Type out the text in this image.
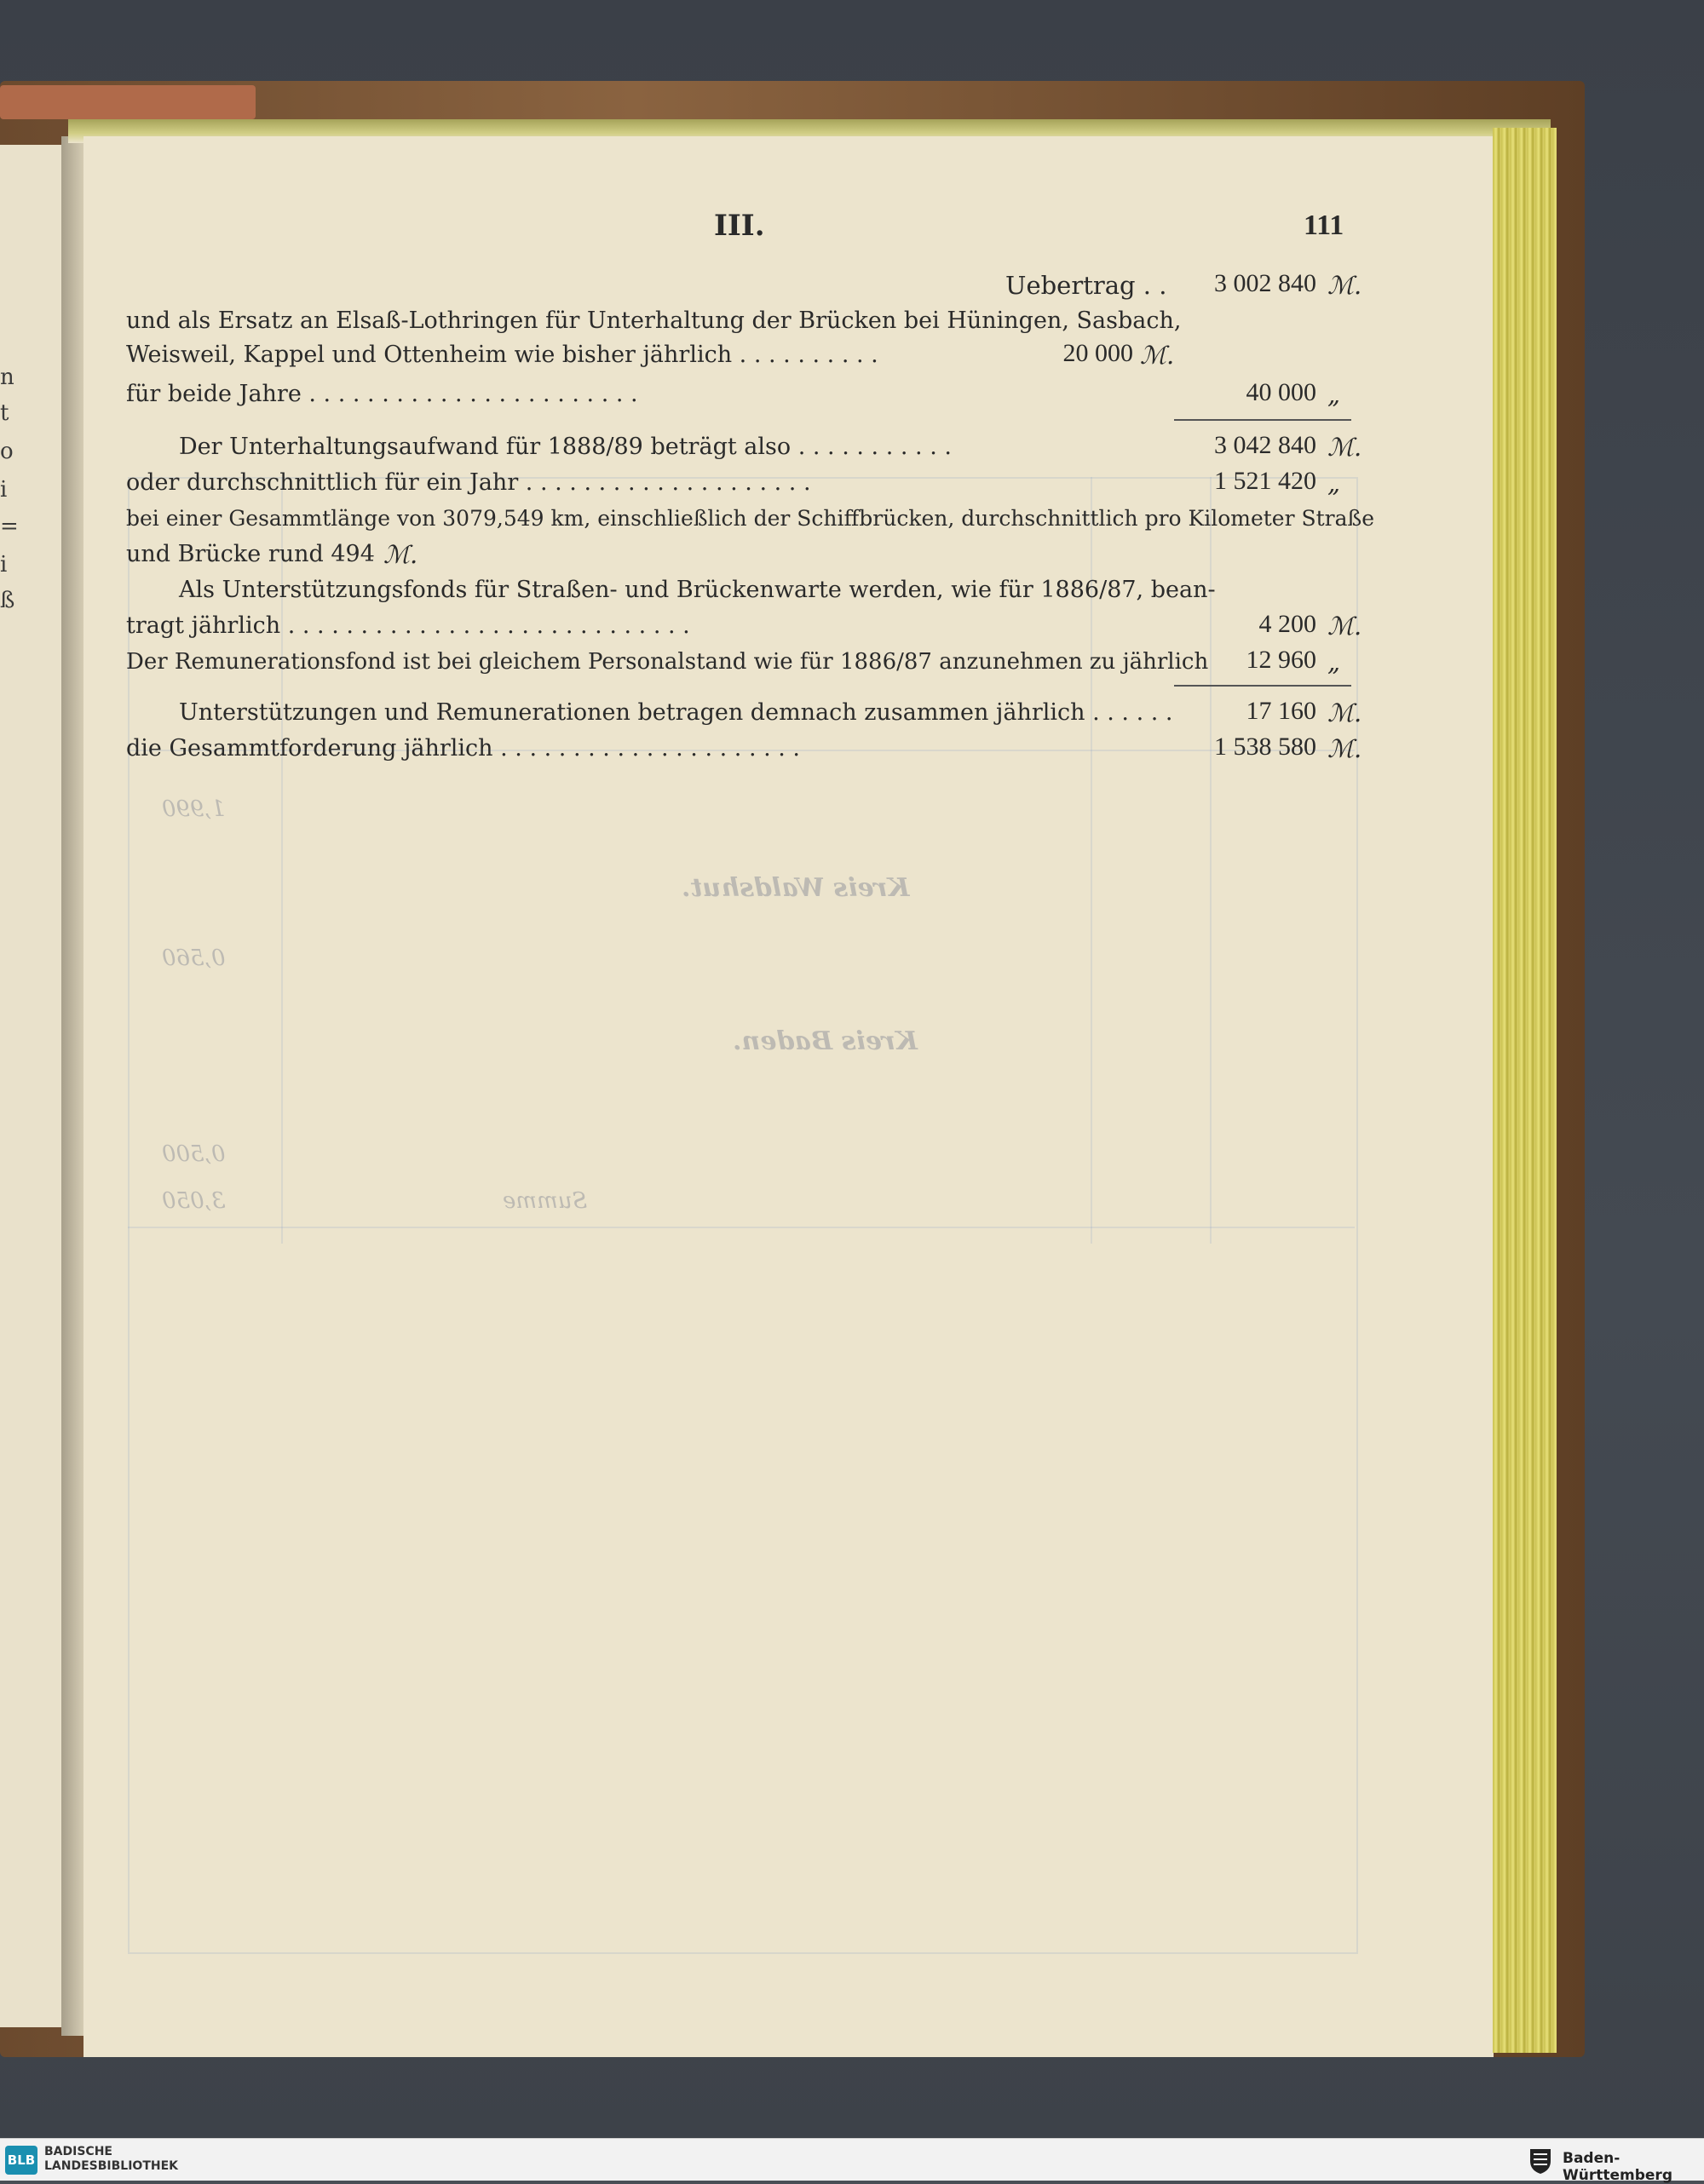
n
t
o
i
=
i
ß
Kreis Waldshut.
Kreis Baden.
Summe
1,990
0,560
0,500
3,050
III.	111
Uebertrag . .	3 002 840 ℳ.
und als Ersatz an Elsaß-Lothringen für Unterhaltung der Brücken bei Hüningen, Sasbach,
Weisweil, Kappel und Ottenheim wie bisher jährlich . . . . . . . . . .	20 000 ℳ.
für beide Jahre . . . . . . . . . . . . . . . . . . . . . . .	40 000 „
Der Unterhaltungsaufwand für 1888/89 beträgt also . . . . . . . . . . .	3 042 840 ℳ.
oder durchschnittlich für ein Jahr . . . . . . . . . . . . . . . . . . . .	1 521 420 „
bei einer Gesammtlänge von 3079,549 km, einschließlich der Schiffbrücken, durchschnittlich pro Kilometer Straße
und Brücke rund 494 ℳ.
Als Unterstützungsfonds für Straßen- und Brückenwarte werden, wie für 1886/87, bean-
tragt jährlich . . . . . . . . . . . . . . . . . . . . . . . . . . . .	4 200 ℳ.
Der Remunerationsfond ist bei gleichem Personalstand wie für 1886/87 anzunehmen zu jährlich	12 960 „
Unterstützungen und Remunerationen betragen demnach zusammen jährlich . . . . . .	17 160 ℳ.
die Gesammtforderung jährlich . . . . . . . . . . . . . . . . . . . . .	1 538 580 ℳ.
BLB
BADISCHE
LANDESBIBLIOTHEK	Baden-Württemberg
